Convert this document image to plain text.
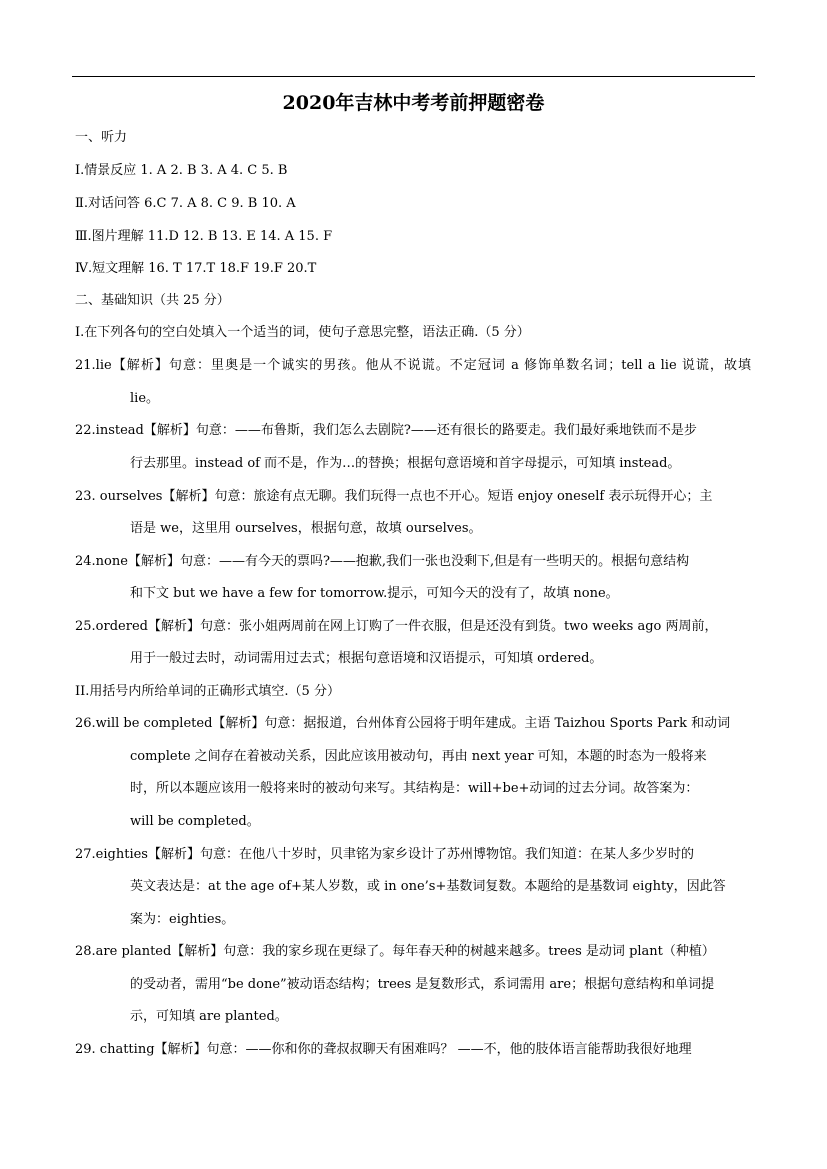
2020年吉林中考考前押题密卷
一、听力
I.情景反应 1. A 2. B 3. A 4. C 5. B
Ⅱ.对话问答 6.C 7. A 8. C 9. B 10. A
Ⅲ.图片理解 11.D 12. B 13. E 14. A 15. F
Ⅳ.短文理解 16. T 17.T 18.F 19.F 20.T
二、基础知识（共 25 分）
I.在下列各句的空白处填入一个适当的词，使句子意思完整，语法正确.（5 分）
21.lie【解析】句意：里奥是一个诚实的男孩。他从不说谎。不定冠词 a 修饰单数名词；tell a lie 说谎，故填
lie。
22.instead【解析】句意：——布鲁斯，我们怎么去剧院?——还有很长的路要走。我们最好乘地铁而不是步
行去那里。instead of 而不是，作为…的替换；根据句意语境和首字母提示，可知填 instead。
23. ourselves【解析】句意：旅途有点无聊。我们玩得一点也不开心。短语 enjoy oneself 表示玩得开心；主
语是 we，这里用 ourselves，根据句意，故填 ourselves。
24.none【解析】句意：——有今天的票吗?——抱歉,我们一张也没剩下,但是有一些明天的。根据句意结构
和下文 but we have a few for tomorrow.提示，可知今天的没有了，故填 none。
25.ordered【解析】句意：张小姐两周前在网上订购了一件衣服，但是还没有到货。two weeks ago 两周前，
用于一般过去时，动词需用过去式；根据句意语境和汉语提示，可知填 ordered。
II.用括号内所给单词的正确形式填空.（5 分）
26.will be completed【解析】句意：据报道，台州体育公园将于明年建成。主语 Taizhou Sports Park 和动词
complete 之间存在着被动关系，因此应该用被动句，再由 next year 可知，本题的时态为一般将来
时，所以本题应该用一般将来时的被动句来写。其结构是：will+be+动词的过去分词。故答案为：
will be completed。
27.eighties【解析】句意：在他八十岁时，贝聿铭为家乡设计了苏州博物馆。我们知道：在某人多少岁时的
英文表达是：at the age of+某人岁数，或 in one’s+基数词复数。本题给的是基数词 eighty，因此答
案为：eighties。
28.are planted【解析】句意：我的家乡现在更绿了。每年春天种的树越来越多。trees 是动词 plant（种植）
的受动者，需用“be done”被动语态结构；trees 是复数形式，系词需用 are；根据句意结构和单词提
示，可知填 are planted。
29. chatting【解析】句意：——你和你的聋叔叔聊天有困难吗？ ——不，他的肢体语言能帮助我很好地理
